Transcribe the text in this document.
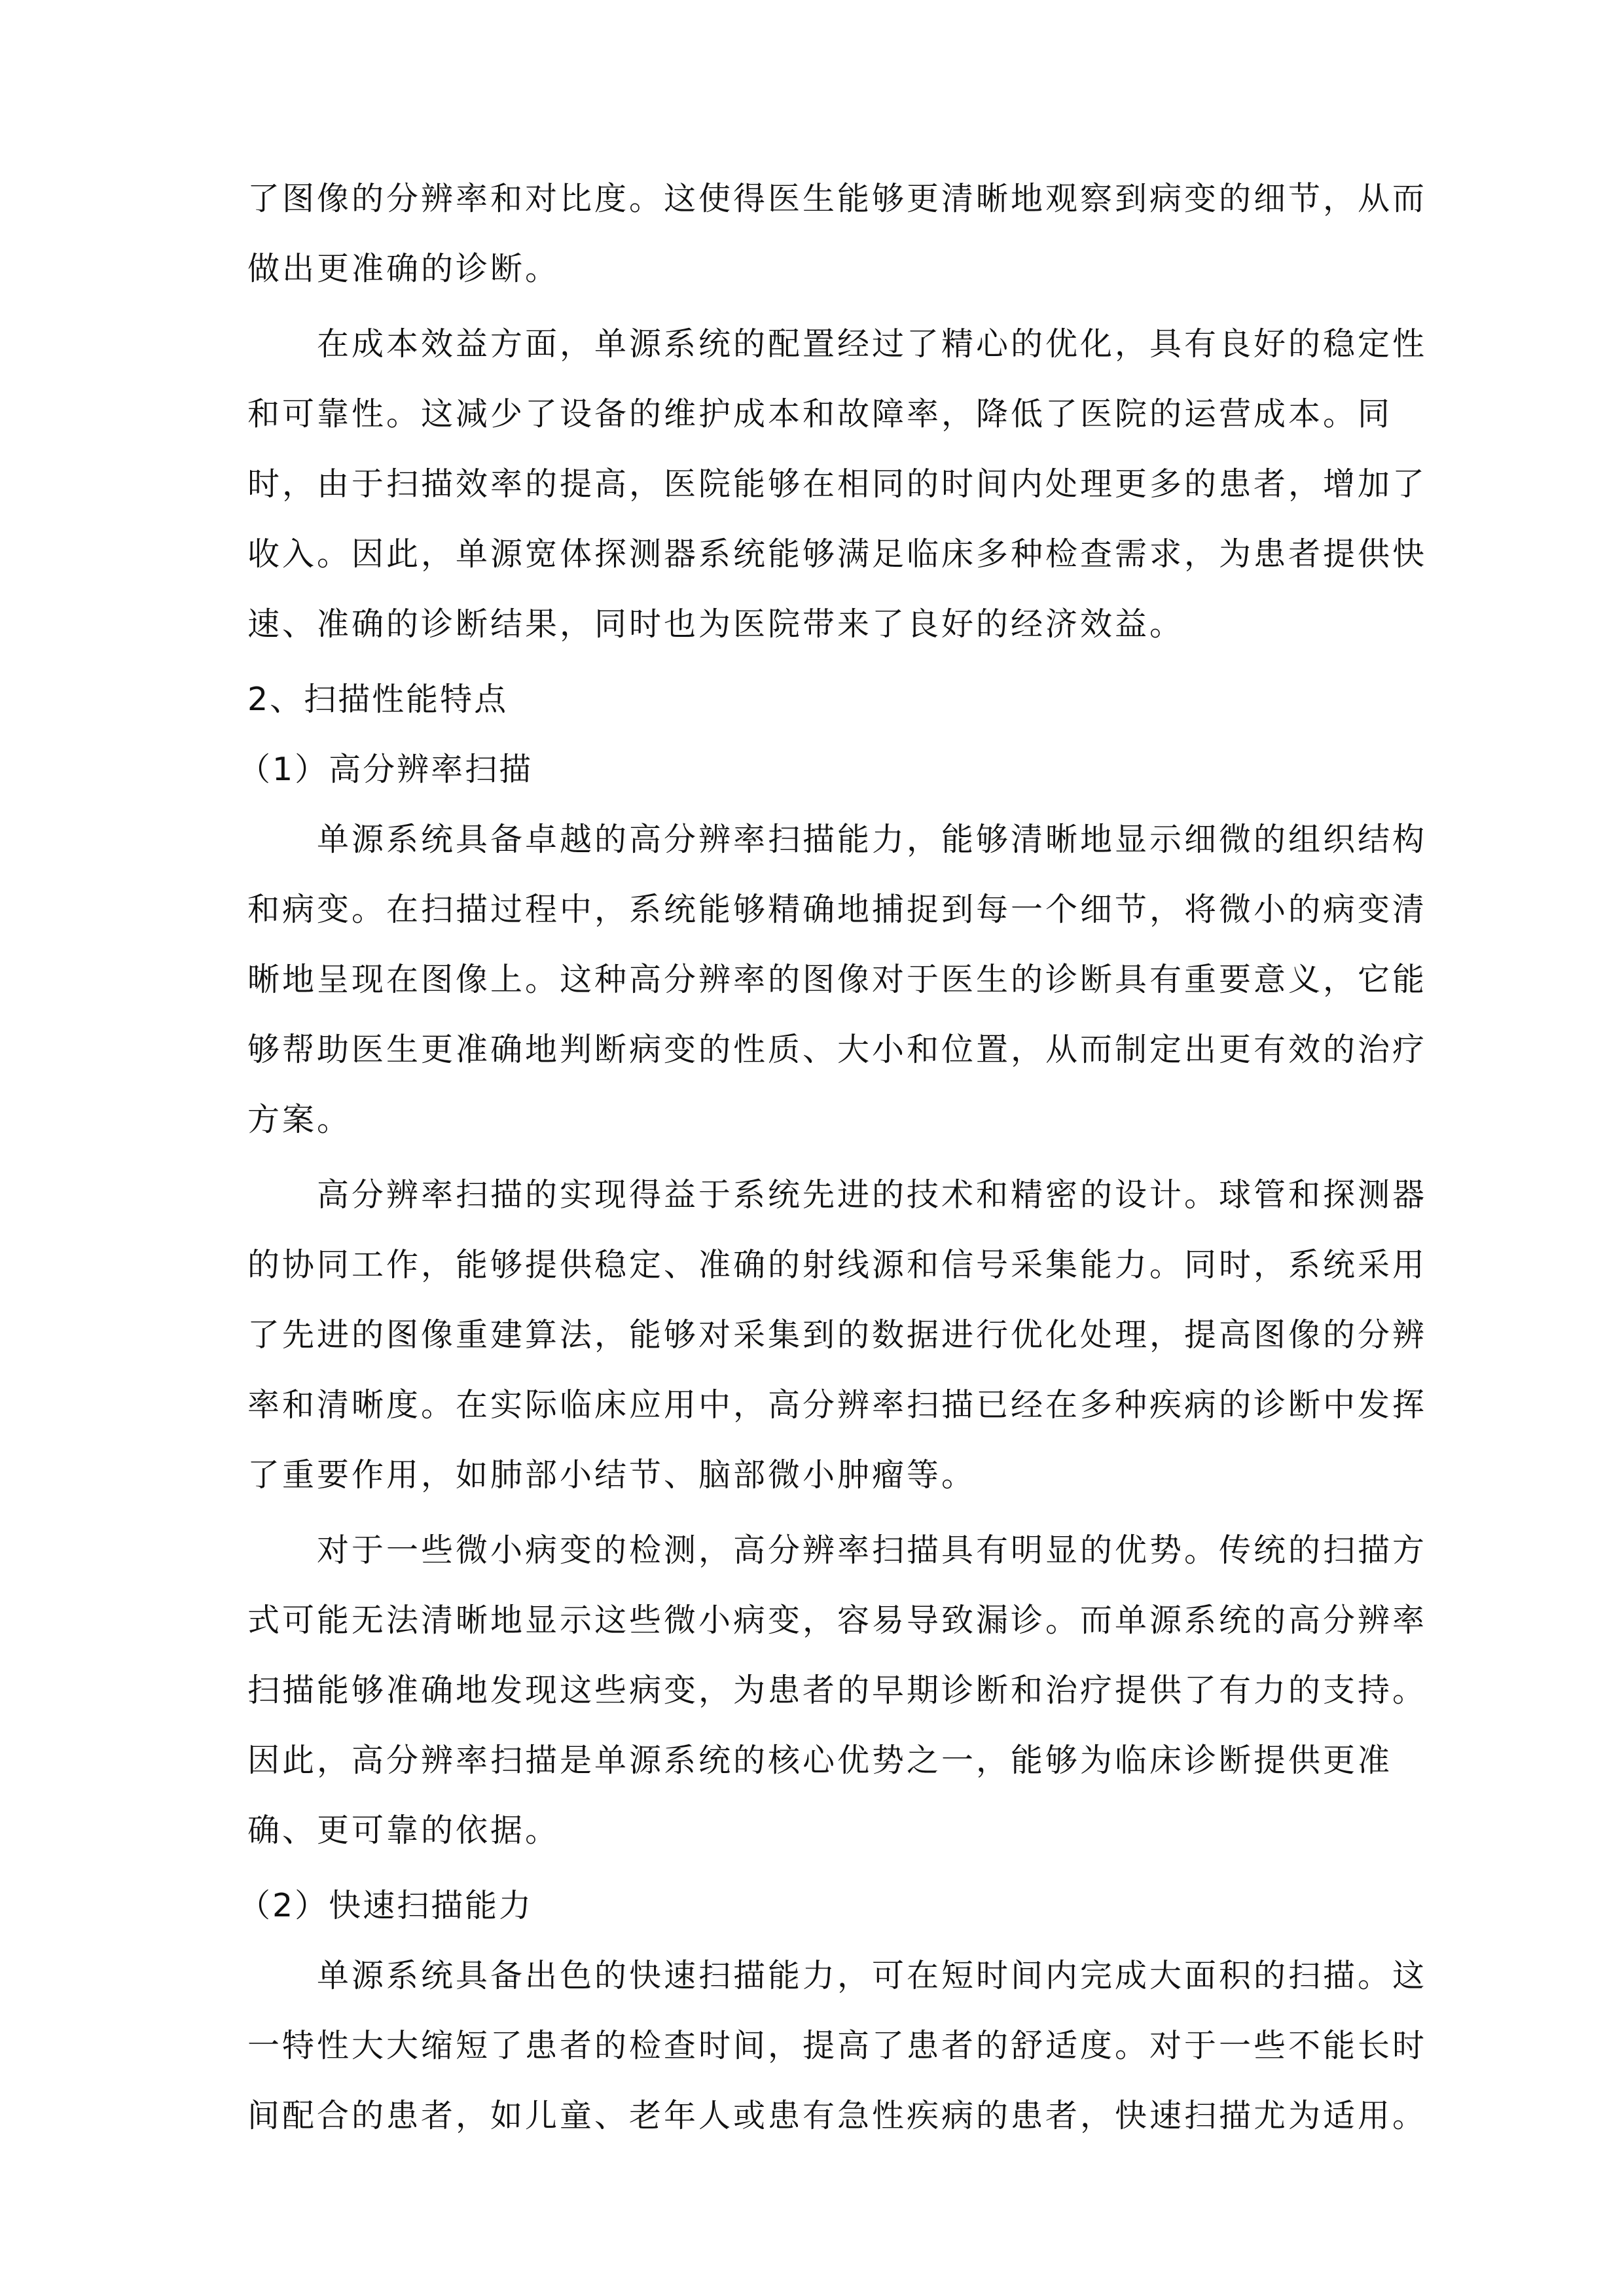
了图像的分辨率和对比度。这使得医生能够更清晰地观察到病变的细节，从而
做出更准确的诊断。
在成本效益方面，单源系统的配置经过了精心的优化，具有良好的稳定性
和可靠性。这减少了设备的维护成本和故障率，降低了医院的运营成本。同
时，由于扫描效率的提高，医院能够在相同的时间内处理更多的患者，增加了
收入。因此，单源宽体探测器系统能够满足临床多种检查需求，为患者提供快
速、准确的诊断结果，同时也为医院带来了良好的经济效益。
2、扫描性能特点
（1）高分辨率扫描
单源系统具备卓越的高分辨率扫描能力，能够清晰地显示细微的组织结构
和病变。在扫描过程中，系统能够精确地捕捉到每一个细节，将微小的病变清
晰地呈现在图像上。这种高分辨率的图像对于医生的诊断具有重要意义，它能
够帮助医生更准确地判断病变的性质、大小和位置，从而制定出更有效的治疗
方案。
高分辨率扫描的实现得益于系统先进的技术和精密的设计。球管和探测器
的协同工作，能够提供稳定、准确的射线源和信号采集能力。同时，系统采用
了先进的图像重建算法，能够对采集到的数据进行优化处理，提高图像的分辨
率和清晰度。在实际临床应用中，高分辨率扫描已经在多种疾病的诊断中发挥
了重要作用，如肺部小结节、脑部微小肿瘤等。
对于一些微小病变的检测，高分辨率扫描具有明显的优势。传统的扫描方
式可能无法清晰地显示这些微小病变，容易导致漏诊。而单源系统的高分辨率
扫描能够准确地发现这些病变，为患者的早期诊断和治疗提供了有力的支持。
因此，高分辨率扫描是单源系统的核心优势之一，能够为临床诊断提供更准
确、更可靠的依据。
（2）快速扫描能力
单源系统具备出色的快速扫描能力，可在短时间内完成大面积的扫描。这
一特性大大缩短了患者的检查时间，提高了患者的舒适度。对于一些不能长时
间配合的患者，如儿童、老年人或患有急性疾病的患者，快速扫描尤为适用。
